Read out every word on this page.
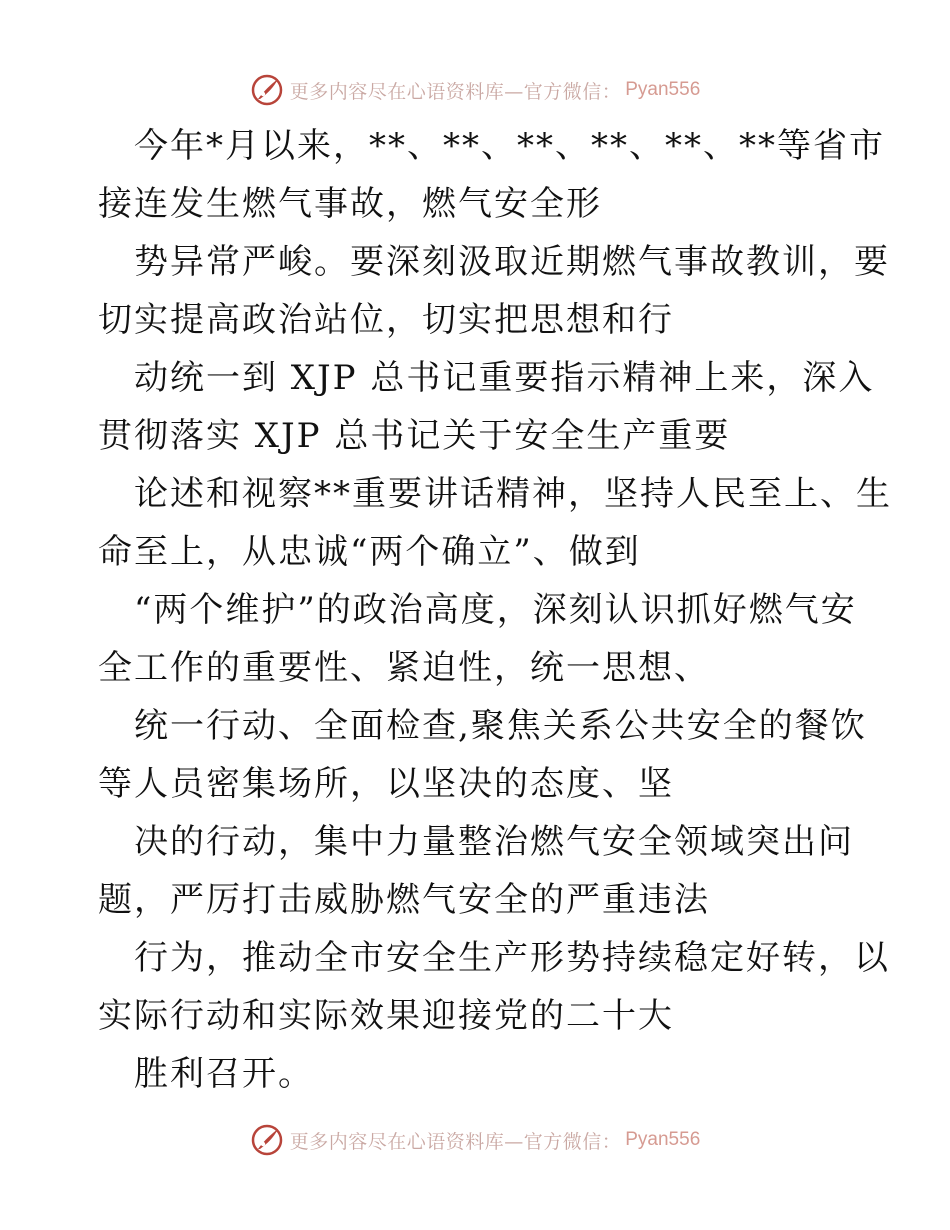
更多内容尽在心语资料库—官方微信： Pyan556
今年*月以来，**、**、**、**、**、**等省市
接连发生燃气事故，燃气安全形
势异常严峻。要深刻汲取近期燃气事故教训，要
切实提高政治站位，切实把思想和行
动统一到 XJP 总书记重要指示精神上来，深入
贯彻落实 XJP 总书记关于安全生产重要
论述和视察**重要讲话精神，坚持人民至上、生
命至上，从忠诚“两个确立”、做到
“两个维护”的政治高度，深刻认识抓好燃气安
全工作的重要性、紧迫性，统一思想、
统一行动、全面检查,聚焦关系公共安全的餐饮
等人员密集场所，以坚决的态度、坚
决的行动，集中力量整治燃气安全领域突出问
题，严厉打击威胁燃气安全的严重违法
行为，推动全市安全生产形势持续稳定好转，以
实际行动和实际效果迎接党的二十大
胜利召开。
更多内容尽在心语资料库—官方微信： Pyan556
